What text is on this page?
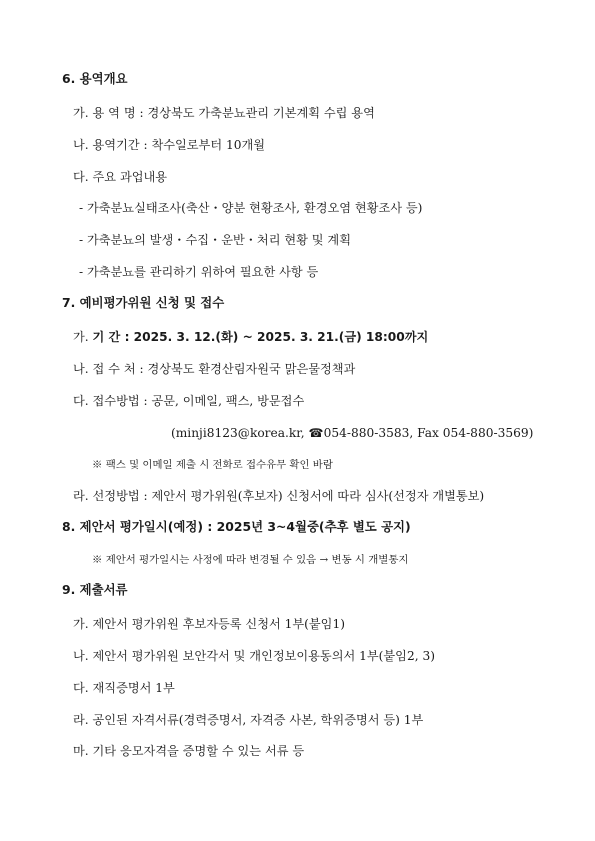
6. 용역개요
가. 용 역 명 : 경상북도 가축분뇨관리 기본계획 수립 용역
나. 용역기간 : 착수일로부터 10개월
다. 주요 과업내용
- 가축분뇨실태조사(축산・양분 현황조사, 환경오염 현황조사 등)
- 가축분뇨의 발생・수집・운반・처리 현황 및 계획
- 가축분뇨를 관리하기 위하여 필요한 사항 등
7. 예비평가위원 신청 및 접수
가. 기 간 : 2025. 3. 12.(화) ~ 2025. 3. 21.(금) 18:00까지
나. 접 수 처 : 경상북도 환경산림자원국 맑은물정책과
다. 접수방법 : 공문, 이메일, 팩스, 방문접수
(minji8123@korea.kr, ☎054-880-3583, Fax 054-880-3569)
※ 팩스 및 이메일 제출 시 전화로 접수유무 확인 바람
라. 선정방법 : 제안서 평가위원(후보자) 신청서에 따라 심사(선정자 개별통보)
8. 제안서 평가일시(예정) : 2025년 3~4월중(추후 별도 공지)
※ 제안서 평가일시는 사정에 따라 변경될 수 있음 → 변동 시 개별통지
9. 제출서류
가. 제안서 평가위원 후보자등록 신청서 1부(붙임1)
나. 제안서 평가위원 보안각서 및 개인정보이용동의서 1부(붙임2, 3)
다. 재직증명서 1부
라. 공인된 자격서류(경력증명서, 자격증 사본, 학위증명서 등) 1부
마. 기타 응모자격을 증명할 수 있는 서류 등
